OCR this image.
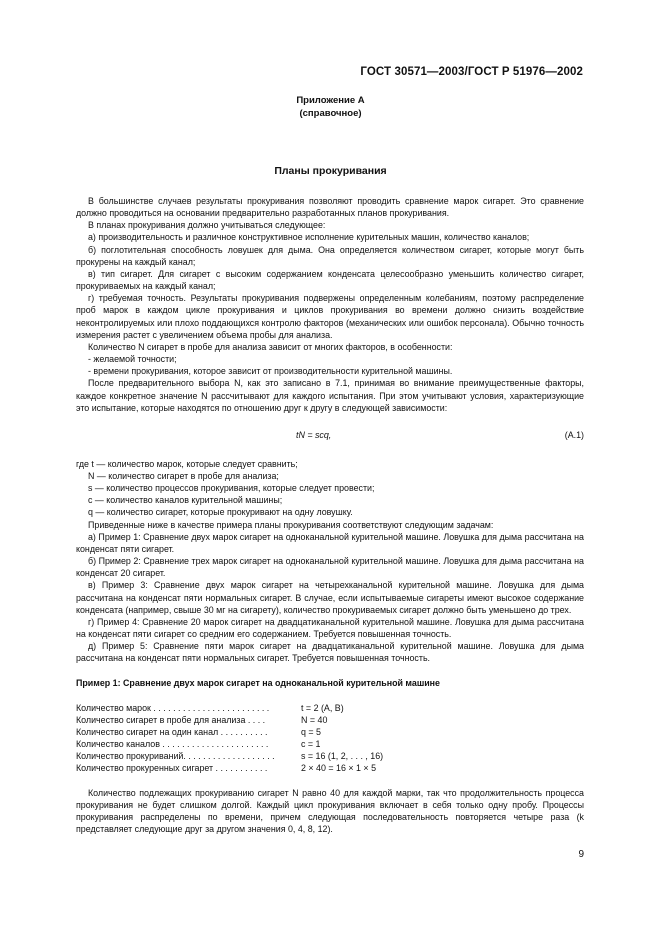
ГОСТ 30571—2003/ГОСТ Р 51976—2002
Приложение А
(справочное)
Планы прокуривания

В большинстве случаев результаты прокуривания позволяют проводить сравнение марок сигарет. Это сравнение должно проводиться на основании предварительно разработанных планов прокуривания.

В планах прокуривания должно учитываться следующее:

а) производительность и различное конструктивное исполнение курительных машин, количество каналов;

б) поглотительная способность ловушек для дыма. Она определяется количеством сигарет, которые могут быть прокурены на каждый канал;

в) тип сигарет. Для сигарет с высоким содержанием конденсата целесообразно уменьшить количество сигарет, прокуриваемых на каждый канал;

г) требуемая точность. Результаты прокуривания подвержены определенным колебаниям, поэтому распределение проб марок в каждом цикле прокуривания и циклов прокуривания во времени должно снизить воздействие неконтролируемых или плохо поддающихся контролю факторов (механических или ошибок персонала). Обычно точность измерения растет с увеличением объема пробы для анализа.

Количество N сигарет в пробе для анализа зависит от многих факторов, в особенности:

- желаемой точности;

- времени прокуривания, которое зависит от производительности курительной машины.

После предварительного выбора N, как это записано в 7.1, принимая во внимание преимущественные факторы, каждое конкретное значение N рассчитывают для каждого испытания. При этом учитывают условия, характеризующие это испытание, которые находятся по отношению друг к другу в следующей зависимости:

tN = scq,	(А.1)
где t — количество марок, которые следует сравнить;
N — количество сигарет в пробе для анализа;
s — количество процессов прокуривания, которые следует провести;
с — количество каналов курительной машины;
q — количество сигарет, которые прокуривают на одну ловушку.

Приведенные ниже в качестве примера планы прокуривания соответствуют следующим задачам:

а) Пример 1: Сравнение двух марок сигарет на одноканальной курительной машине. Ловушка для дыма рассчитана на конденсат пяти сигарет.

б) Пример 2: Сравнение трех марок сигарет на одноканальной курительной машине. Ловушка для дыма рассчитана на конденсат 20 сигарет.

в) Пример 3: Сравнение двух марок сигарет на четырехканальной курительной машине. Ловушка для дыма рассчитана на конденсат пяти нормальных сигарет. В случае, если испытываемые сигареты имеют высокое содержание конденсата (например, свыше 30 мг на сигарету), количество прокуриваемых сигарет должно быть уменьшено до трех.

г) Пример 4: Сравнение 20 марок сигарет на двадцатиканальной курительной машине. Ловушка для дыма рассчитана на конденсат пяти сигарет со средним его содержанием. Требуется повышенная точность.

д) Пример 5: Сравнение пяти марок сигарет на двадцатиканальной курительной машине. Ловушка для дыма рассчитана на конденсат пяти нормальных сигарет. Требуется повышенная точность.

Пример 1: Сравнение двух марок сигарет на одноканальной курительной машине
Количество марок . . . . . . . . . . . . . . . . . . . . . . . .	t = 2 (А, В)
Количество сигарет в пробе для анализа . . . .	N = 40
Количество сигарет на один канал . . . . . . . . . .	q = 5
Количество каналов . . . . . . . . . . . . . . . . . . . . . .	с = 1
Количество прокуриваний. . . . . . . . . . . . . . . . . . .	s = 16 (1, 2, . . . , 16)
Количество прокуренных сигарет . . . . . . . . . . .	2 × 40 = 16 × 1 × 5

Количество подлежащих прокуриванию сигарет N равно 40 для каждой марки, так что продолжительность процесса прокуривания не будет слишком долгой. Каждый цикл прокуривания включает в себя только одну пробу. Процессы прокуривания распределены по времени, причем следующая последовательность повторяется четыре раза (k представляет следующие друг за другом значения 0, 4, 8, 12).

9
